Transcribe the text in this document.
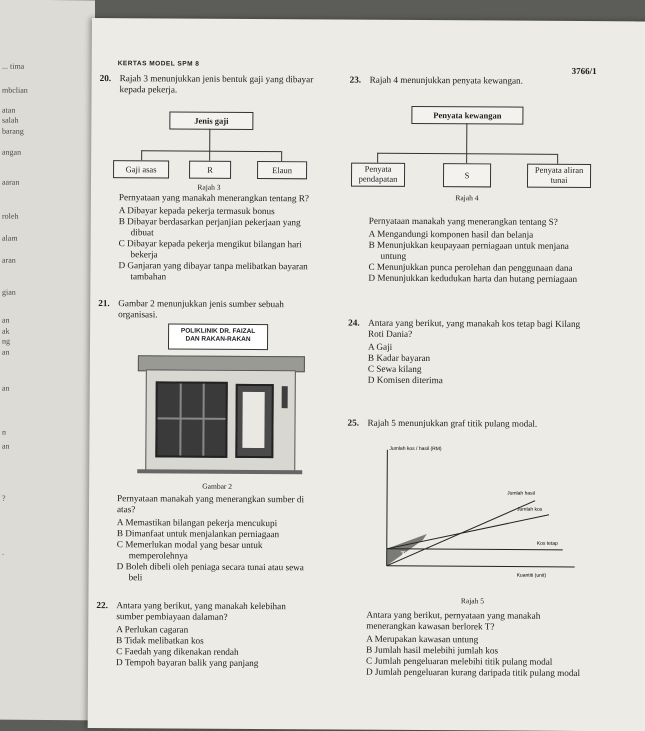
... tima
mbclian
atan
salah
barang
angan
aaran
roleh
alam
aran
gian
an
ak
ng
an
an
n
an
?
.
KERTAS MODEL SPM 8
3766/1
20. Rajah 3 menunjukkan jenis bentuk gaji yang dibayar kepada pekerja.
Jenis gaji
Gaji asas	R	Elaun
Rajah 3
Pernyataan yang manakah menerangkan tentang R?
A Dibayar kepada pekerja termasuk bonus
B Dibayar berdasarkan perjanjian pekerjaan yang dibuat
C Dibayar kepada pekerja mengikut bilangan hari bekerja
D Ganjaran yang dibayar tanpa melibatkan bayaran tambahan
21. Gambar 2 menunjukkan jenis sumber sebuah organisasi.
POLIKLINIK DR. FAIZAL
DAN RAKAN-RAKAN
Gambar 2
Pernyataan manakah yang menerangkan sumber di atas?
A Memastikan bilangan pekerja mencukupi
B Dimanfaat untuk menjalankan perniagaan
C Memerlukan modal yang besar untuk memperolehnya
D Boleh dibeli oleh peniaga secara tunai atau sewa beli
22. Antara yang berikut, yang manakah kelebihan sumber pembiayaan dalaman?
A Perlukan cagaran
B Tidak melibatkan kos
C Faedah yang dikenakan rendah
D Tempoh bayaran balik yang panjang
23. Rajah 4 menunjukkan penyata kewangan.
Penyata kewangan
Penyata pendapatan	S
Penyata aliran tunai
Rajah 4
Pernyataan manakah yang menerangkan tentang S?
A Mengandungi komponen hasil dan belanja
B Menunjukkan keupayaan perniagaan untuk menjana untung
C Menunjukkan punca perolehan dan penggunaan dana
D Menunjukkan kedudukan harta dan hutang perniagaan
24. Antara yang berikut, yang manakah kos tetap bagi Kilang Roti Dania?
A Gaji
B Kadar bayaran
C Sewa kilang
D Komisen diterima
25. Rajah 5 menunjukkan graf titik pulang modal.
Jumlah kos / hasil (RM)
Kuantiti (unit)
Jumlah hasil
Jumlah kos
Kos tetap
T
Rajah 5
Antara yang berikut, pernyataan yang manakah menerangkan kawasan berlorek T?
A Merupakan kawasan untung
B Jumlah hasil melebihi jumlah kos
C Jumlah pengeluaran melebihi titik pulang modal
D Jumlah pengeluaran kurang daripada titik pulang modal
